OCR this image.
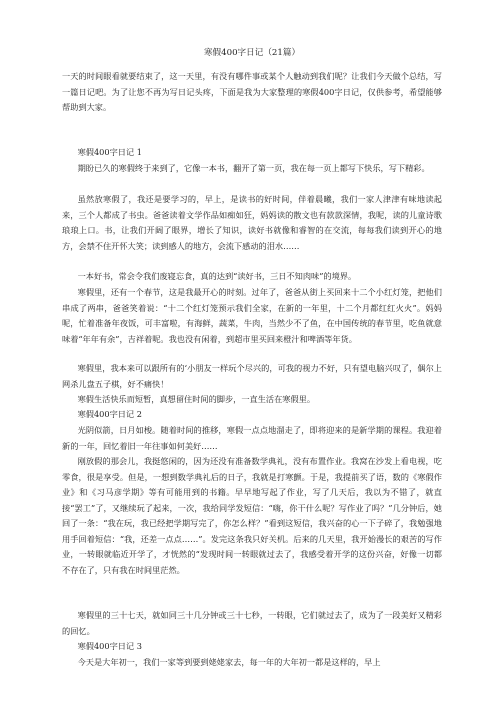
寒假400字日记（21篇）

一天的时间眼看就要结束了，这一天里，有没有哪件事或某个人触动到我们呢？让我们今天做个总结，写一篇日记吧。为了让您不再为写日记头疼，下面是我为大家整理的寒假400字日记，仅供参考，希望能够帮助到大家。

寒假400字日记 1

期盼已久的寒假终于来到了，它像一本书，翻开了第一页，我在每一页上都写下快乐，写下精彩。

虽然放寒假了，我还是要学习的，早上，是读书的好时间，伴着晨曦，我们一家人津津有味地读起来，三个人都成了书虫。爸爸读着文学作品如痴如狂，妈妈读的散文也有款款深情，我呢，读的儿童诗歌琅琅上口。书，让我们开阔了眼界，增长了知识，读好书就像和睿智的在交流，每每我们读到开心的地方，会禁不住开怀大笑；读到感人的地方，会流下感动的泪水……

一本好书，常会令我们废寝忘食，真的达到“读好书，三日不知肉味”的境界。

寒假里，还有一个春节，这是我最开心的时刻。过年了，爸爸从街上买回来十二个小红灯笼，把他们串成了两串，爸爸笑着说：“十二个红灯笼预示我们全家，在新的一年里，十二个月都红红火火”。妈妈呢，忙着准备年夜饭，可丰富啦，有海鲜，蔬菜，牛肉，当然少不了鱼，在中国传统的春节里，吃鱼就意味着“年年有余”，吉祥着呢。我也没有闲着，到超市里买回来橙汁和啤酒等年货。

寒假里，我本来可以跟所有的‘小朋友一样玩个尽兴的，可我的视力不好，只有望电脑兴叹了，偶尔上网杀儿盘五子棋，好不痛快！

寒假生活快乐而短暂，真想留住时间的脚步，一直生活在寒假里。

寒假400字日记 2

光阴似箭，日月如梭。随着时间的推移，寒假一点点地溜走了，即将迎来的是新学期的课程。我迎着新的一年，回忆着旧一年往事如何美好……

刚放假的那会儿，我挺悠闲的，因为还没有准备数学典礼，没有布置作业。我窝在沙发上看电视，吃零食，很是享受。但是，一想到数学典礼后的日子，我就是打寒颤。于是，我提前买了语，数的《寒假作业》和《习马彦学期》等有可能用到的书籍。早早地写起了作业，写了几天后，我以为不错了，就直接“罢工”了，又继续玩了起来，一次，我给同学发短信：“嗨，你干什么呢？写作业了吗？”几分钟后，她回了一条：“我在玩，我已经把学期写完了，你怎么样？”看到这短信，我兴奋的心一下子碎了，我勉强地用手回着短信：“我，还差一点点……”。发完这条我只好关机。后来的几天里，我开始漫长的艰苦的写作业，一转眼就临近开学了，才恍然的“发现时间一转眼就过去了，我感受着开学的这份兴奋，好像一切都不存在了，只有我在时间里茫然。

寒假里的三十七天，就如同三十几分钟或三十七秒，一转眼，它们就过去了，成为了一段美好又精彩的回忆。

寒假400字日记 3

今天是大年初一，我们一家等到要到姥姥家去，每一年的大年初一都是这样的，早上
